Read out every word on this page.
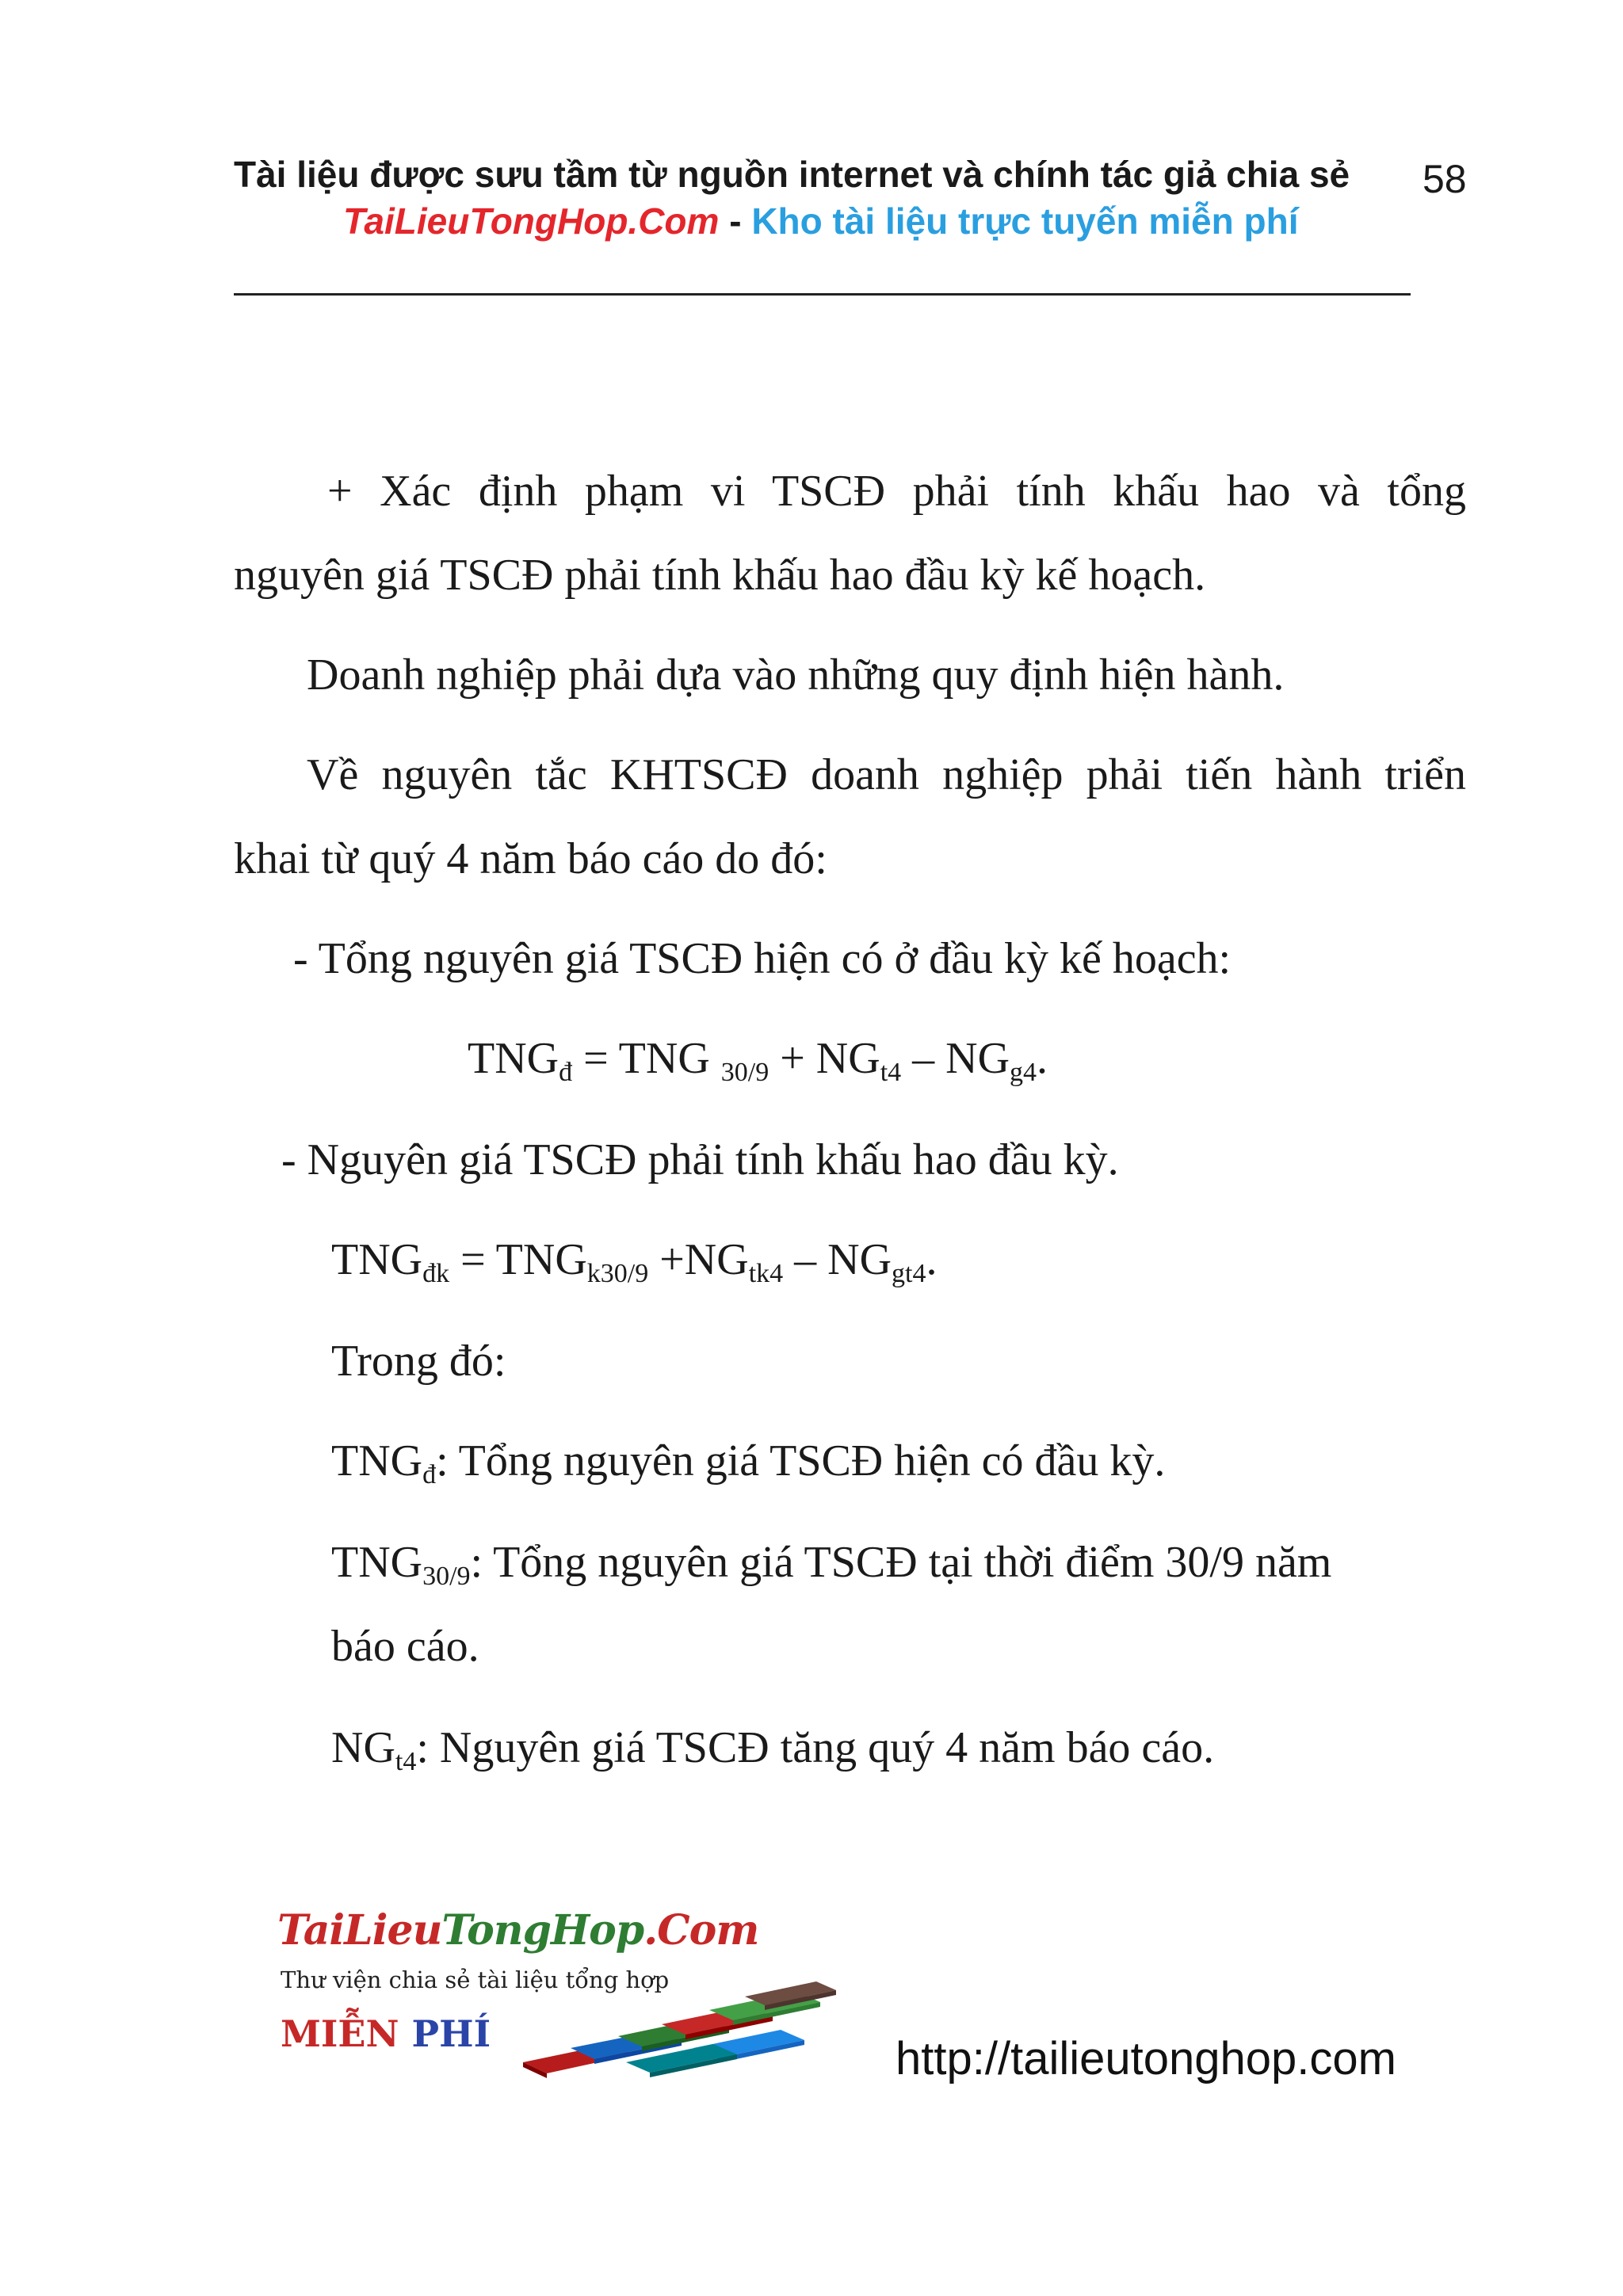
Tài liệu được sưu tầm từ nguồn internet và chính tác giả chia sẻ 58
TaiLieuTongHop.Com - Kho tài liệu trực tuyến miễn phí
+ Xác định phạm vi TSCĐ phải tính khấu hao và tổng
nguyên giá TSCĐ phải tính khấu hao đầu kỳ kế hoạch.
Doanh nghiệp phải dựa vào những quy định hiện hành.
Về nguyên tắc KHTSCĐ doanh nghiệp phải tiến hành triển
khai từ quý 4 năm báo cáo do đó:
- Tổng nguyên giá TSCĐ hiện có ở đầu kỳ kế hoạch:
$TNG_đ$ = TNG $_{30/9} + NG_{t4} - NG_{g4}$.
- Nguyên giá TSCĐ phải tính khấu hao đầu kỳ.
$TNG_{đk} = TNG_{k30/9} +NG_{tk4} - NG_{gt4}$.
Trong đó:
$TNG_đ$: Tổng nguyên giá TSCĐ hiện có đầu kỳ.
$TNG_{30/9}$: Tổng nguyên giá TSCĐ tại thời điểm 30/9 năm
báo cáo.
$NG_{t4}$: Nguyên giá TSCĐ tăng quý 4 năm báo cáo.
TaiLieuTongHop.Com
Thư viện chia sẻ tài liệu tổng hợp
MIỄN PHÍ	http://tailieutonghop.com
